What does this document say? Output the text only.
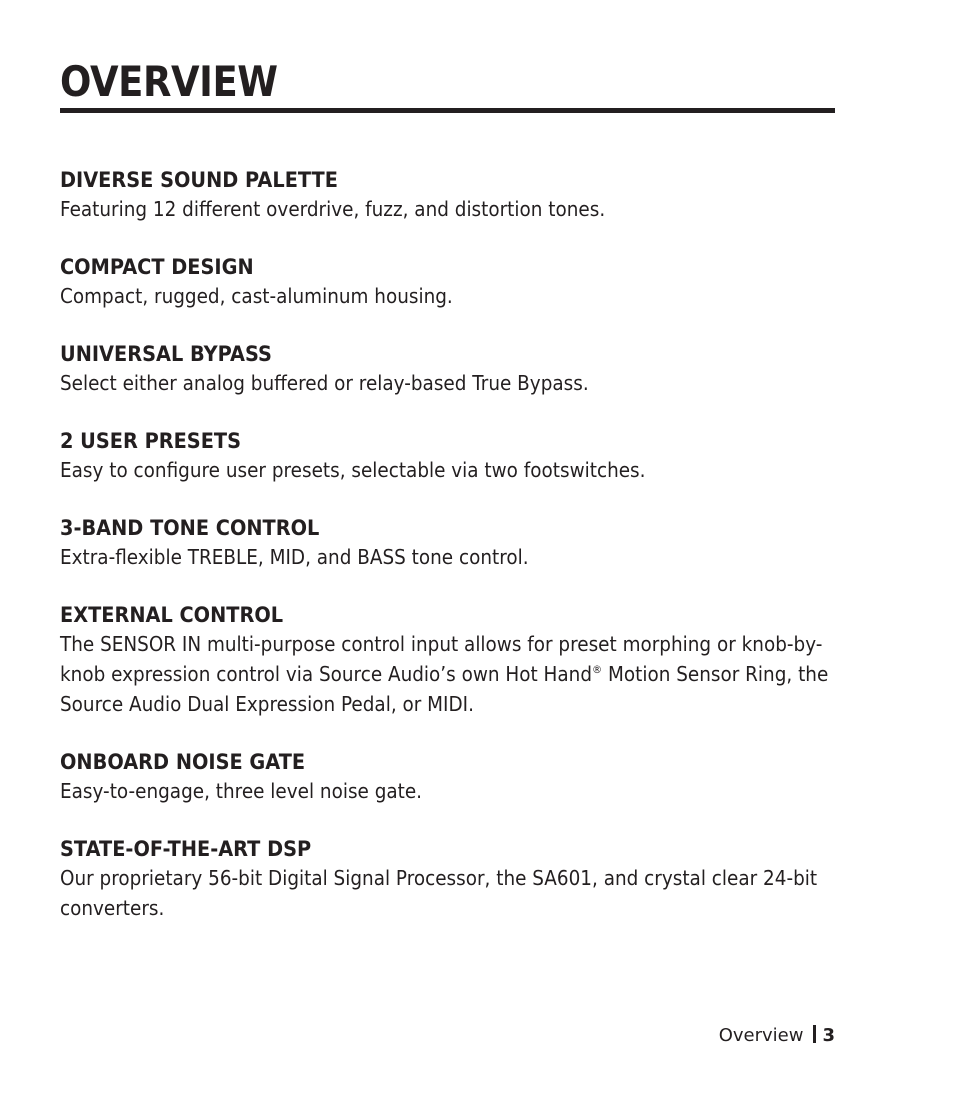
OVERVIEW
DIVERSE SOUND PALETTE
Featuring 12 different overdrive, fuzz, and distortion tones.
COMPACT DESIGN
Compact, rugged, cast-aluminum housing.
UNIVERSAL BYPASS
Select either analog buffered or relay-based True Bypass.
2 USER PRESETS
Easy to configure user presets, selectable via two footswitches.
3-BAND TONE CONTROL
Extra-flexible TREBLE, MID, and BASS tone control.
EXTERNAL CONTROL
The SENSOR IN multi-purpose control input allows for preset morphing or knob-by-knob expression control via Source Audio’s own Hot Hand® Motion Sensor Ring, the Source Audio Dual Expression Pedal, or MIDI.
ONBOARD NOISE GATE
Easy-to-engage, three level noise gate.
STATE-OF-THE-ART DSP
Our proprietary 56-bit Digital Signal Processor, the SA601, and crystal clear 24-bit converters.
Overview 3
